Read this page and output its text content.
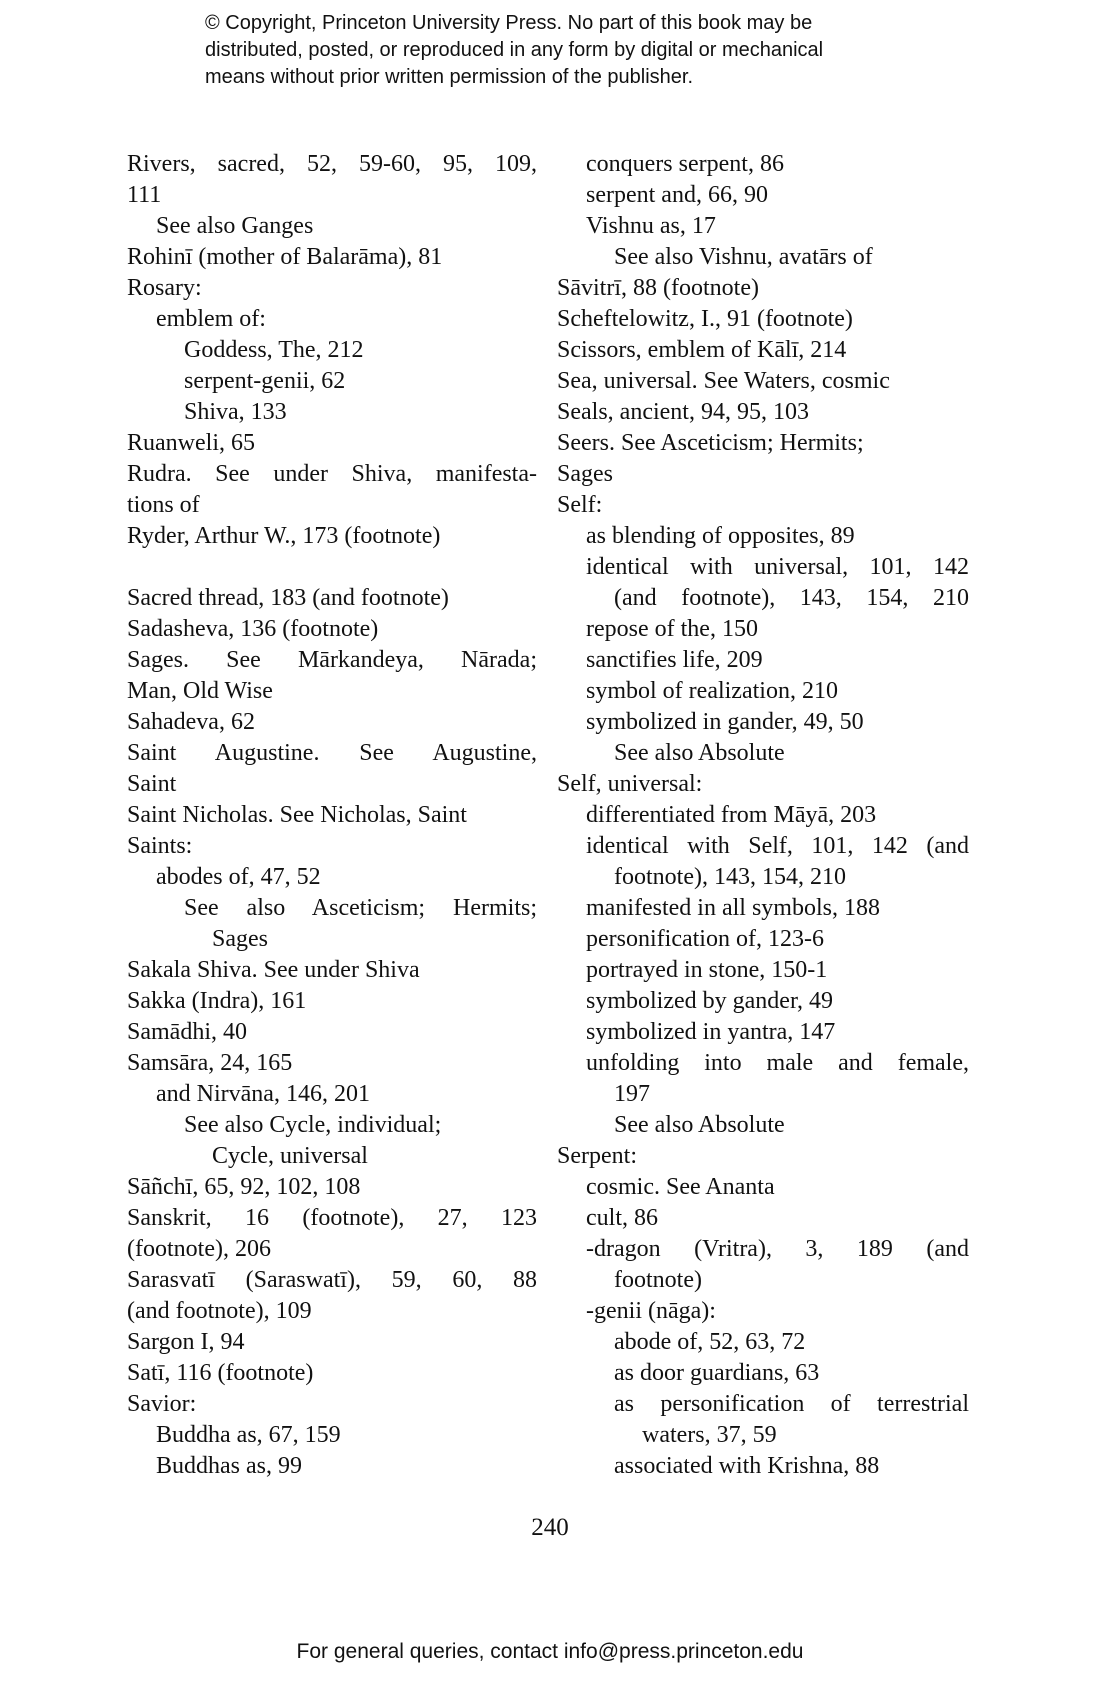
© Copyright, Princeton University Press. No part of this book may be
distributed, posted, or reproduced in any form by digital or mechanical
means without prior written permission of the publisher.
Rivers, sacred, 52, 59-60, 95, 109,
111
See also Ganges
Rohinī (mother of Balarāma), 81
Rosary:
emblem of:
Goddess, The, 212
serpent-genii, 62
Shiva, 133
Ruanweli, 65
Rudra. See under Shiva, manifesta-
tions of
Ryder, Arthur W., 173 (footnote)
Sacred thread, 183 (and footnote)
Sadasheva, 136 (footnote)
Sages. See Mārkandeya, Nārada;
Man, Old Wise
Sahadeva, 62
Saint Augustine. See Augustine,
Saint
Saint Nicholas. See Nicholas, Saint
Saints:
abodes of, 47, 52
See also Asceticism; Hermits;
Sages
Sakala Shiva. See under Shiva
Sakka (Indra), 161
Samādhi, 40
Samsāra, 24, 165
and Nirvāna, 146, 201
See also Cycle, individual;
Cycle, universal
Sāñchī, 65, 92, 102, 108
Sanskrit, 16 (footnote), 27, 123
(footnote), 206
Sarasvatī (Saraswatī), 59, 60, 88
(and footnote), 109
Sargon I, 94
Satī, 116 (footnote)
Savior:
Buddha as, 67, 159
Buddhas as, 99
conquers serpent, 86
serpent and, 66, 90
Vishnu as, 17
See also Vishnu, avatārs of
Sāvitrī, 88 (footnote)
Scheftelowitz, I., 91 (footnote)
Scissors, emblem of Kālī, 214
Sea, universal. See Waters, cosmic
Seals, ancient, 94, 95, 103
Seers. See Asceticism; Hermits;
Sages
Self:
as blending of opposites, 89
identical with universal, 101, 142
(and footnote), 143, 154, 210
repose of the, 150
sanctifies life, 209
symbol of realization, 210
symbolized in gander, 49, 50
See also Absolute
Self, universal:
differentiated from Māyā, 203
identical with Self, 101, 142 (and
footnote), 143, 154, 210
manifested in all symbols, 188
personification of, 123-6
portrayed in stone, 150-1
symbolized by gander, 49
symbolized in yantra, 147
unfolding into male and female,
197
See also Absolute
Serpent:
cosmic. See Ananta
cult, 86
-dragon (Vritra), 3, 189 (and
footnote)
-genii (nāga):
abode of, 52, 63, 72
as door guardians, 63
as personification of terrestrial
waters, 37, 59
associated with Krishna, 88
240
For general queries, contact info@press.princeton.edu
